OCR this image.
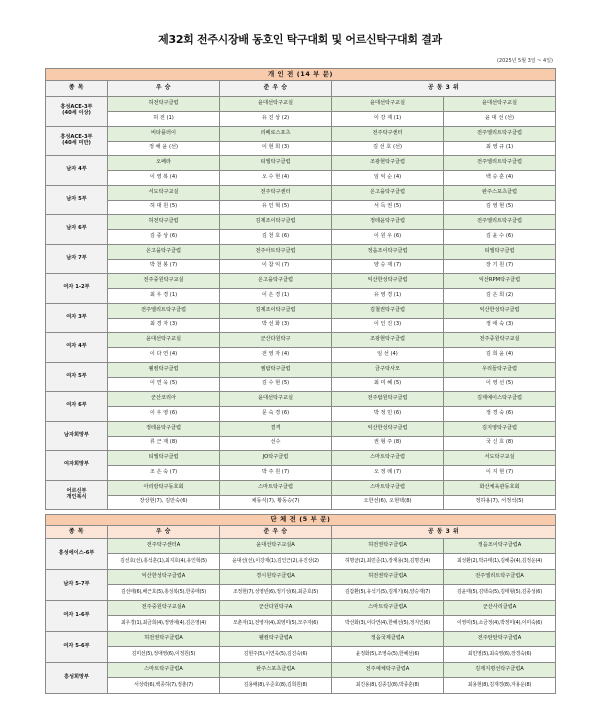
제32회 전주시장배 동호인 탁구대회 및 어르신탁구대회 결과
(2025년 5월 3일 ~ 4일)
개 인 전 (14 부 문)				
종 목	우 승	준 우 승	공 동 3 위	
흥성ACE-3부
(40세 이상)	허전탁구클럽	윤대선탁구교실	윤대선탁구교실	윤대선탁구교실
	허 전 (1)	유 진 상 (2)	이 강 재 (1)	윤 대 선 (선)
흥성ACE-3부
(40세 미만)	비타플러이	리베로스포츠	전주탁구센터	전주엘리트탁구클럽
	정 해 윤 (선)	이 현 희 (3)	김 선 호 (선)	최 영 규 (1)
남자 4부	오페라	티엘탁구클럽	조광현탁구클럽	전주엘리트탁구클럽
	이 영 복 (4)	오 수 현 (4)	임 익 순 (4)	백 승 훈 (4)
남자 5부	서도탁구교실	전주탁구센터	온고을탁구클럽	완주스포츠클럽
	허 대 원 (5)	유 인 혁 (5)	서 득 권 (5)	김 영 현 (5)
남자 6부	허전탁구클럽	김제조이탁구클럽	정테윤탁구클럽	전주엘리트탁구클럽
	김 종 상 (6)	김 천 호 (6)	이 원 우 (6)	김 윤 수 (6)
남자 7부	온고을탁구클럽	전주아트탁구클럽	정읍조이탁구클럽	티엘탁구클럽
	박 천 봉 (7)	이 참 익 (7)	양 승 재 (7)	장 기 원 (7)
여자 1-2부	전주중원탁구교실	온고을탁구클럽	익산한성탁구클럽	익산RPM탁구클럽
	최 우 경 (1)	이 은 경 (1)	유 영 경 (1)	김 은 희 (2)
여자 3부	전주엘리트탁구클럽	김제조이탁구클럽	김철권탁구클럽	익산한성탁구클럽
	최 경 자 (3)	박 선 화 (3)	이 인 진 (3)	정 애 숙 (3)
여자 4부	윤대선탁구교실	군산다원탁구	조광현탁구클럽	전주중원탁구교실
	이 다 연 (4)	전 영 자 (4)	임 선 (4)	김 희 윤 (4)
여자 5부	웰컴탁구클럽	엠탑탁구클럽	금구탁사모	우리들탁구클럽
	이 연 욱 (5)	김 수 현 (5)	최 미 혜 (5)	이 영 선 (5)
여자 6부	군산코리아	윤대선탁구교실	전주탑원탁구클럽	김제예이스탁구클럽
	이 우 영 (6)	문 숙 경 (6)	박 정 민 (6)	정 경 숙 (6)
남자희망부	정테윤탁구클럽	결격	익산한성탁구클럽	김지영탁구클럽
	류 근 재 (8)	선수	권 형 주 (8)	국 신 호 (8)
여자희망부	티엘탁구클럽	JO탁구클럽	스마트탁구클럽	서도탁구교실
	조 은 숙 (7)	박 주 원 (7)	오 정 례 (7)	이 지 현 (7)
어르신부
개인복식	아리랑탁구동호회	스마트탁구클럽	스마트탁구클럽	화산체육관동호회
	장상현(7), 김만숙(6)	채동식(7), 황동승(7)	오한선(6), 오현택(8)	정하용(7), 서정석(5)
단 체 전 (5 부 문)				
종 목	우 승	준 우 승	공 동 3 위	
흥성에이스-6부	전주탁구센터A	윤대선탁구교실A	허전권탁구클럽A	정읍조이탁구클럽A
	김선호(선),홍석훈(1),최지호(4),유인혁(5)	윤대선(선),이강재(1),김인근(2),유진상(2)	허명균(2),최민준(1),장재용(3),김명진(4)	최성환(2),박규태(1),김해중(4),김정운(4)
남자 5-7부	익산한성탁구클럽A	경시원탁구클럽A	허전권탁구클럽A	전주엘리트탁구클럽A
	김선태(6),배근호(5),홍성복(5),한종태(5)	조정현(7),성영빈(6),정기성(6),최준호(5)	김갑환(5),유석기(5),김재기(6),양승재(7)	김윤태(5),김택숙(5),김태형(5),김종성(6)
여자 1-6부	전주중원탁구교실A	군산다원탁구A	스마트탁구클럽A	군산사리클럽A
	최우경(1),최금희(4),정영애(4),김은영(4)	모춘자(1),전영자(4),최영미(5),모주자(6)	박선화(3),이다연(4),한혜선(5),정지인(6)	이영미(5),소금정(4),박정미(4),이미숙(6)
여자 5-6부	허전권탁구클럽A	웰컴탁구클럽A	정읍국제클럽A	전주탄탄탁구클럽A
	김미선(5),정애영(6),이정원(5)	김현주(5),이연욱(5),김진숙(6)	윤정화(5),조영숙(5),한혜선(6)	최민영(5),최숙영(6),장경숙(6)
흥성희망부	스마트탁구클럽A	완주스포츠클럽A	전주예체탁구클럽A	김제지평선탁구클럽A
	서성락(6),백종하(7),정춘(7)	김용배(8),우준호(8),김희원(8)	최진용(8),김종길(8),박종훈(8)	최용현(8),김재경(8),자용운(8)
